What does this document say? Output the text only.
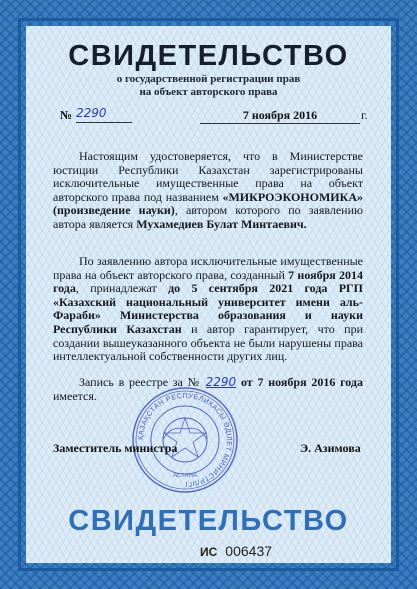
СВИДЕТЕЛЬСТВО
о государственной регистрации прав
на объект авторского права
№ 2290	7 ноября 2016	г.
Настоящим удостоверяется, что в Министерстве юстиции Республики Казахстан зарегистрированы исключительные имущественные права на объект авторского права под названием «МИКРОЭКОНОМИКА» (произведение науки), автором которого по заявлению автора является Мухамедиев Булат Минтаевич.
По заявлению автора исключительные имущественные права на объект авторского права, созданный 7 ноября 2014 года, принадлежат до 5 сентября 2021 года РГП «Казахский национальный университет имени аль-Фараби» Министерства образования и науки Республики Казахстан и автор гарантирует, что при создании вышеуказанного объекта не были нарушены права интеллектуальной собственности других лиц.
Запись в реестре за № 2290 от 7 ноября 2016 года имеется.
ҚАЗАҚСТАН РЕСПУБЛИКАСЫ ӘДІЛЕТ МИНИСТРЛІГІ
АСТАНА
Заместитель министра	Э. Азимова
СВИДЕТЕЛЬСТВО
ИС 006437
